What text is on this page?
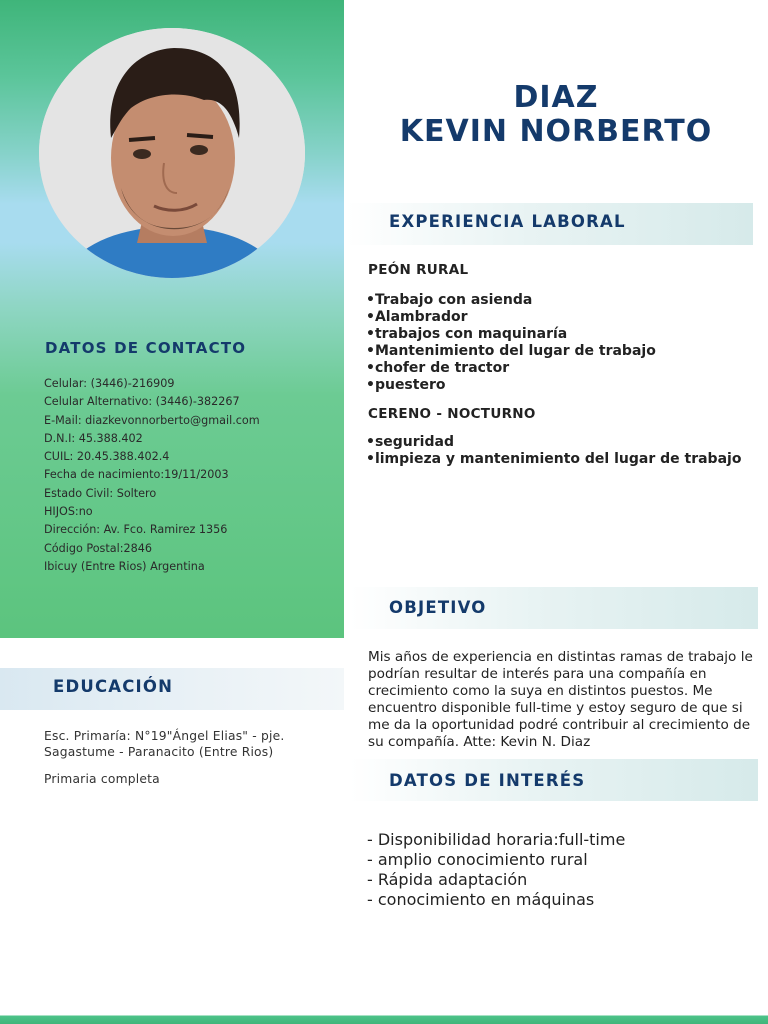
DIAZ
KEVIN NORBERTO
EXPERIENCIA LABORAL
PEÓN RURAL
• Trabajo con asienda
• Alambrador
• trabajos con maquinaría
• Mantenimiento del lugar de trabajo
• chofer de tractor
• puestero
CERENO - NOCTURNO
• seguridad
• limpieza y mantenimiento del lugar de trabajo
DATOS DE CONTACTO
Celular: (3446)-216909
Celular Alternativo: (3446)-382267
E-Mail: diazkevonnorberto@gmail.com
D.N.I: 45.388.402
CUIL: 20.45.388.402.4
Fecha de nacimiento:19/11/2003
Estado Civil: Soltero
HIJOS:no
Dirección: Av. Fco. Ramirez 1356
Código Postal:2846
Ibicuy (Entre Rios) Argentina
OBJETIVO

Mis años de experiencia en distintas ramas de trabajo le podrían resultar de interés para una compañía en crecimiento como la suya en distintos puestos. Me encuentro disponible full-time y estoy seguro de que si me da la oportunidad podré contribuir al crecimiento de su compañía. Atte: Kevin N. Diaz

EDUCACIÓN

Esc. Primaría: N°19"Ángel Elias" - pje. Sagastume - Paranacito (Entre Rios)

Primaria completa	DATOS DE INTERÉS
- Disponibilidad horaria:full-time
- amplio conocimiento rural
- Rápida adaptación
- conocimiento en máquinas
